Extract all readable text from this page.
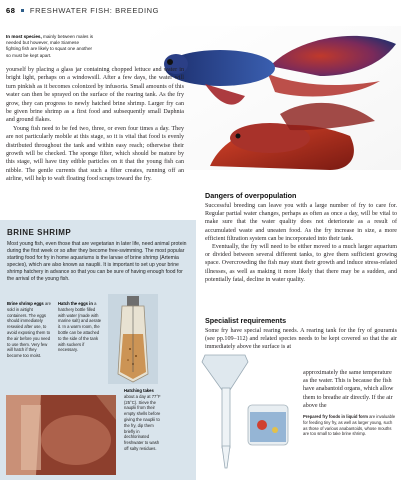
68 FRESHWATER FISH: BREEDING
In most species, mainly between males is needed but however, male Siamese fighting fish are likely to squat one another so must be kept apart.

yourself by placing a glass jar containing chopped lettuce and water in bright light, perhaps on a windowsill. After a few days, the water will turn pinkish as it becomes colonized by infusoria. Small amounts of this water can then be sprayed on the surface of the rearing tank. As the fry grow, they can progress to newly hatched brine shrimp. Larger fry can be given brine shrimp as a first food and subsequently small Daphnia and ground flakes.

Young fish need to be fed two, three, or even four times a day. They are not particularly mobile at this stage, so it is vital that food is evenly distributed throughout the tank and within easy reach; otherwise their growth will be checked. The sponge filter, which should be mature by this stage, will have tiny edible particles on it that the young fish can nibble. The gentle currents that such a filter creates, running off an airline, will help to waft floating food scraps toward the fry.

BRINE SHRIMP
Most young fish, even those that are vegetarian in later life, need animal protein during the first week or so after they become free-swimming. The most popular starting food for fry in home aquariums is the larvae of brine shrimp (Artemia species), which are also known as nauplii. It is important to set up your brine shrimp hatchery in advance so that you can be sure of having enough food for the arrival of the young fish.
Brine shrimp eggs are sold in airtight containers. The eggs should immediately resealed after use, to avoid exposing them to the air before you need to use them. Very few will hatch if they become too moist.
Hatch the eggs in a hatchery bottle filled with water (made with marine salt) and aerate it. In a warm room, the bottle can be attached to the side of the tank with suckers if necessary.
Hatching takes about a day at 77°F (25°C). Sieve the nauplii from their empty shells before giving the nauplii to the fry, dip them briefly in dechlorinated freshwater to wash off salty residues.
Dangers of overpopulation

Successful breeding can leave you with a large number of fry to care for. Regular partial water changes, perhaps as often as once a day, will be vital to make sure that the water quality does not deteriorate as a result of accumulated waste and uneaten food. As the fry increase in size, a more efficient filtration system can be incorporated into their tank.

Eventually, the fry will need to be either moved to a much larger aquarium or divided between several different tanks, to give them sufficient growing space. Overcrowding the fish may stunt their growth and induce stress-related illnesses, as well as making it more likely that there may be a sudden, and potentially fatal, decline in water quality.

Specialist requirements
Some fry have special rearing needs. A rearing tank for the fry of gouramis (see pp.109–112) and related species needs to be kept covered so that the air immediately above the surface is at
approximately the same temperature as the water. This is because the fish have anabantoid organs, which allow them to breathe air directly. If the air above the
Prepared fry foods in liquid form are invaluable for feeding tiny fry, as well as larger young, such as those of various anabantoids, whose mouths are too small to take brine shrimp.
